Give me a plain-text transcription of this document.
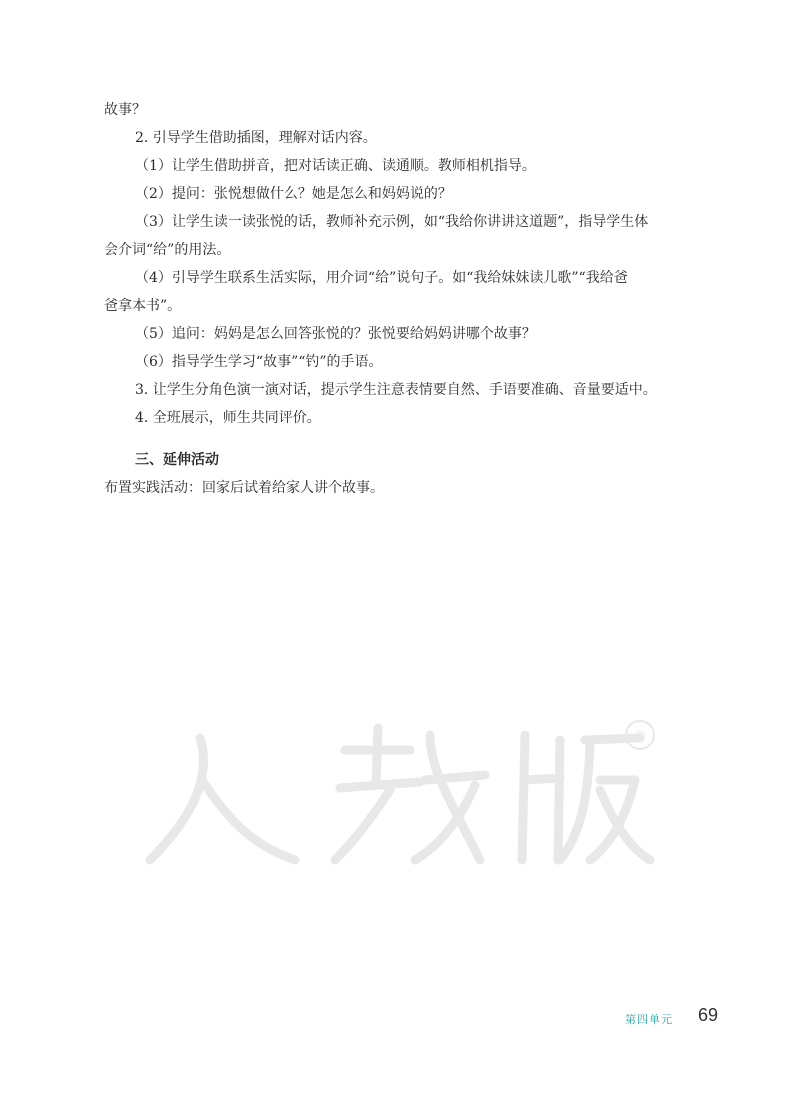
故事？
2. 引导学生借助插图，理解对话内容。
（1）让学生借助拼音，把对话读正确、读通顺。教师相机指导。
（2）提问：张悦想做什么？她是怎么和妈妈说的？
（3）让学生读一读张悦的话，教师补充示例，如“我给你讲讲这道题”，指导学生体
会介词“给”的用法。
（4）引导学生联系生活实际，用介词“给”说句子。如“我给妹妹读儿歌”“我给爸
爸拿本书”。
（5）追问：妈妈是怎么回答张悦的？张悦要给妈妈讲哪个故事？
（6）指导学生学习“故事”“钓”的手语。
3. 让学生分角色演一演对话，提示学生注意表情要自然、手语要准确、音量要适中。
4. 全班展示，师生共同评价。
三、延伸活动
布置实践活动：回家后试着给家人讲个故事。
®
第四单元 69
